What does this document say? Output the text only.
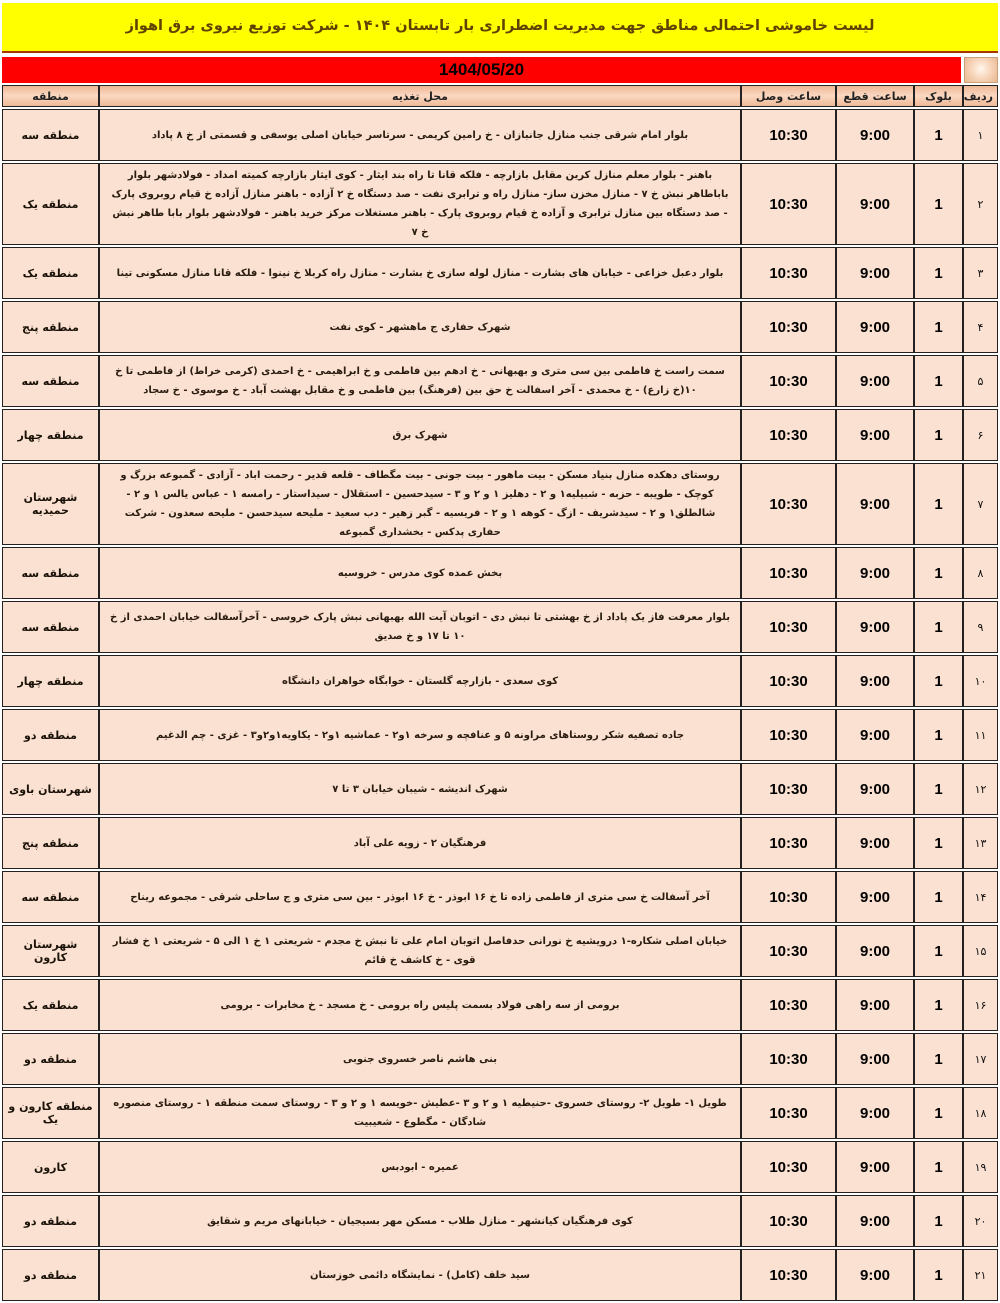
لیست خاموشی احتمالی مناطق جهت مدیریت اضطراری بار تابستان ۱۴۰۴ - شرکت توزیع نیروی برق اهواز
1404/05/20
ردیف	بلوک	ساعت قطع	ساعت وصل	محل تغذیه	منطقه
۱	1	9:00	10:30	بلوار امام شرقی جنب منازل جانبازان - خ رامین کریمی - سرتاسر خیابان اصلی یوسفی و قسمتی از خ ۸ پاداد	منطقه سه
۲	1	9:00	10:30	باهنر - بلوار معلم منازل کرین مقابل بازارچه - فلکه قانا تا راه بند ایثار - کوی ایثار بازارچه کمیته امداد - فولادشهر بلوار باباطاهر نبش خ ۷ - منازل مخزن ساز- منازل راه و ترابری نفت - صد دستگاه خ ۲ آزاده - باهنر منازل آزاده خ قیام روبروی پارک - صد دستگاه بین منازل ترابری و آزاده خ قیام روبروی پارک - باهنر مستغلات مرکز خرید باهنر - فولادشهر بلوار بابا طاهر نبش خ ۷	منطقه یک
۳	1	9:00	10:30	بلوار دعبل خزاعی - خیابان های بشارت - منازل لوله سازی خ بشارت - منازل راه کربلا خ نینوا - فلکه قانا منازل مسکونی تینا	منطقه یک
۴	1	9:00	10:30	شهرک حفاری ج ماهشهر - کوی نفت	منطقه پنج
۵	1	9:00	10:30	سمت راست خ فاطمی بین سی متری و بهبهانی - خ ادهم بین فاطمی و خ ابراهیمی - خ احمدی (کرمی خراط) از فاطمی تا خ ۱۰(خ زارع) - خ محمدی - آخر اسفالت خ حق بین (فرهنگ) بین فاطمی و خ مقابل بهشت آباد - خ موسوی - خ سجاد	منطقه سه
۶	1	9:00	10:30	شهرک برق	منطقه چهار
۷	1	9:00	10:30	روستای دهکده منازل بنیاد مسکن - بیت ماهور - بیت جونی - بیت مگطاف - قلعه قدیر - رحمت اباد - آزادی - گمبوعه بزرگ و کوچک - طویبه - حزبه - شبیلیه۱ و ۲ - دهلیز ۱ و ۲ و ۳ - سیدحسین - استقلال - سیداستار - رامسه ۱ - عباس یالس ۱ و ۲ - شالطلق۱ و ۲ - سیدشریف - ازگ - کوهه ۱ و ۲ - فریسیه - گبر زهیر - دب سعید - ملیحه سیدحسن - ملیحه سعدون - شرکت حفاری پدکس - بخشداری گمبوعه	شهرستان حمیدیه
۸	1	9:00	10:30	بخش عمده کوی مدرس - خروسیه	منطقه سه
۹	1	9:00	10:30	بلوار معرفت فاز یک پاداد از خ بهشتی تا نبش دی - اتوبان آیت الله بهبهانی نبش پارک خروسی - آخرآسفالت خیابان احمدی از خ ۱۰ تا ۱۷ و خ صدیق	منطقه سه
۱۰	1	9:00	10:30	کوی سعدی - بازارچه گلستان - خوابگاه خواهران دانشگاه	منطقه چهار
۱۱	1	9:00	10:30	جاده تصفیه شکر روستاهای مراونه ۵ و عنافچه و سرخه ۱و۲ - عماشیه ۱و۲ - یکاویه۱و۲و۳ - غزی - چم الدغیم	منطقه دو
۱۲	1	9:00	10:30	شهرک اندیشه - شیبان خیابان ۳ تا ۷	شهرستان باوی
۱۳	1	9:00	10:30	فرهنگیان ۲ - زویه علی آباد	منطقه پنج
۱۴	1	9:00	10:30	آخر آسفالت خ سی متری از فاطمی زاده تا خ ۱۶ ابوذر - خ ۱۶ ابوذر - بین سی متری و ج ساحلی شرقی - مجموعه ریناح	منطقه سه
۱۵	1	9:00	10:30	خیابان اصلی شکاره-۱ درویشیه خ نورانی حدفاصل اتوبان امام علی تا نبش خ مجدم - شریعتی ۱ خ ۱ الی ۵ - شریعتی ۱ خ فشار قوی - خ کاشف خ قائم	شهرستان کارون
۱۶	1	9:00	10:30	برومی از سه راهی فولاد بسمت پلیس راه برومی - خ مسجد - خ مخابرات - برومی	منطقه یک
۱۷	1	9:00	10:30	بنی هاشم ناصر خسروی جنوبی	منطقه دو
۱۸	1	9:00	10:30	طویل ۱- طویل ۲- روستای خسروی -حنیطیه ۱ و ۲ و ۳ -عطیش -خویسه ۱ و ۲ و ۳ - روستای سمت منطقه ۱ - روستای منصوره شادگان - مگطوع - شعیبیت	منطقه کارون و یک
۱۹	1	9:00	10:30	عمیره - ابودبس	کارون
۲۰	1	9:00	10:30	کوی فرهنگیان کیانشهر - منازل طلاب - مسکن مهر بسیجیان - خیابانهای مریم و شقایق	منطقه دو
۲۱	1	9:00	10:30	سید خلف (کامل) - نمایشگاه دائمی خوزستان	منطقه دو
